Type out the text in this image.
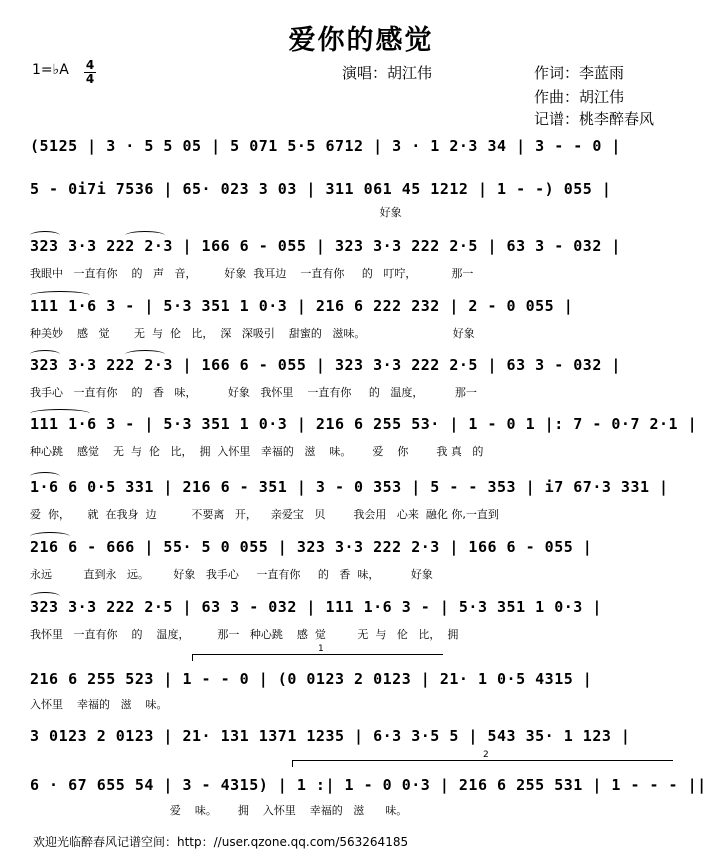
爱你的感觉
1=♭A 4
4	演唱：胡江伟	作词：李蓝雨
作曲：胡江伟
记谱：桃李醉春风
(5125 | 3 · 5 5 05 | 5 071 5·5 6712 | 3 · 1 2·3 34 | 3 - - 0 |
5 - 0i7i 7536 | 65· 023 3 03 | 311 061 45 1212 | 1 - -) 055 |
好象
323 3·3 222 2·3 | 166 6 - 055 | 323 3·3 222 2·5 | 63 3 - 032 |
我眼中   一直有你    的   声   音，        好象  我耳边    一直有你     的   叮咛，          那一
111 1·6 3 - | 5·3 351 1 0·3 | 216 6 222 232 | 2 - 0 055 |
种美妙    感   觉       无  与  伦   比，  深   深吸引    甜蜜的   滋味。                         好象
323 3·3 222 2·3 | 166 6 - 055 | 323 3·3 222 2·5 | 63 3 - 032 |
我手心   一直有你    的   香   味，         好象   我怀里    一直有你     的   温度，         那一
111 1·6 3 - | 5·3 351 1 0·3 | 216 6 255 53· | 1 - 0 1 |: 7 - 0·7 2·1 |
种心跳    感觉    无  与  伦   比，  拥  入怀里   幸福的   滋    味。      爱    你        我 真   的
1·6 6 0·5 331 | 216 6 - 351 | 3 - 0 353 | 5 - - 353 | i7 67·3 331 |
爱  你，     就  在我身  边          不要离   开，    亲爱宝   贝        我会用   心来  融化 你,一直到
216 6 - 666 | 55· 5 0 055 | 323 3·3 222 2·3 | 166 6 - 055 |
永远         直到永   远。       好象   我手心     一直有你     的   香  味，         好象
323 3·3 222 2·5 | 63 3 - 032 | 111 1·6 3 - | 5·3 351 1 0·3 |
我怀里   一直有你    的    温度，        那一   种心跳    感  觉         无  与   伦   比，  拥
1
216 6 255 523 | 1 - - 0 | (0 0123 2 0123 | 21· 1 0·5 4315 |
入怀里    幸福的   滋    味。
3 0123 2 0123 | 21· 131 1371 1235 | 6·3 3·5 5 | 543 35· 1 123 |
2
6 · 67 655 54 | 3 - 4315) | 1 :| 1 - 0 0·3 | 216 6 255 531 | 1 - - - ||
爱    味。      拥    入怀里    幸福的   滋      味。
欢迎光临醉春风记谱空间：http：//user.qzone.qq.com/563264185
